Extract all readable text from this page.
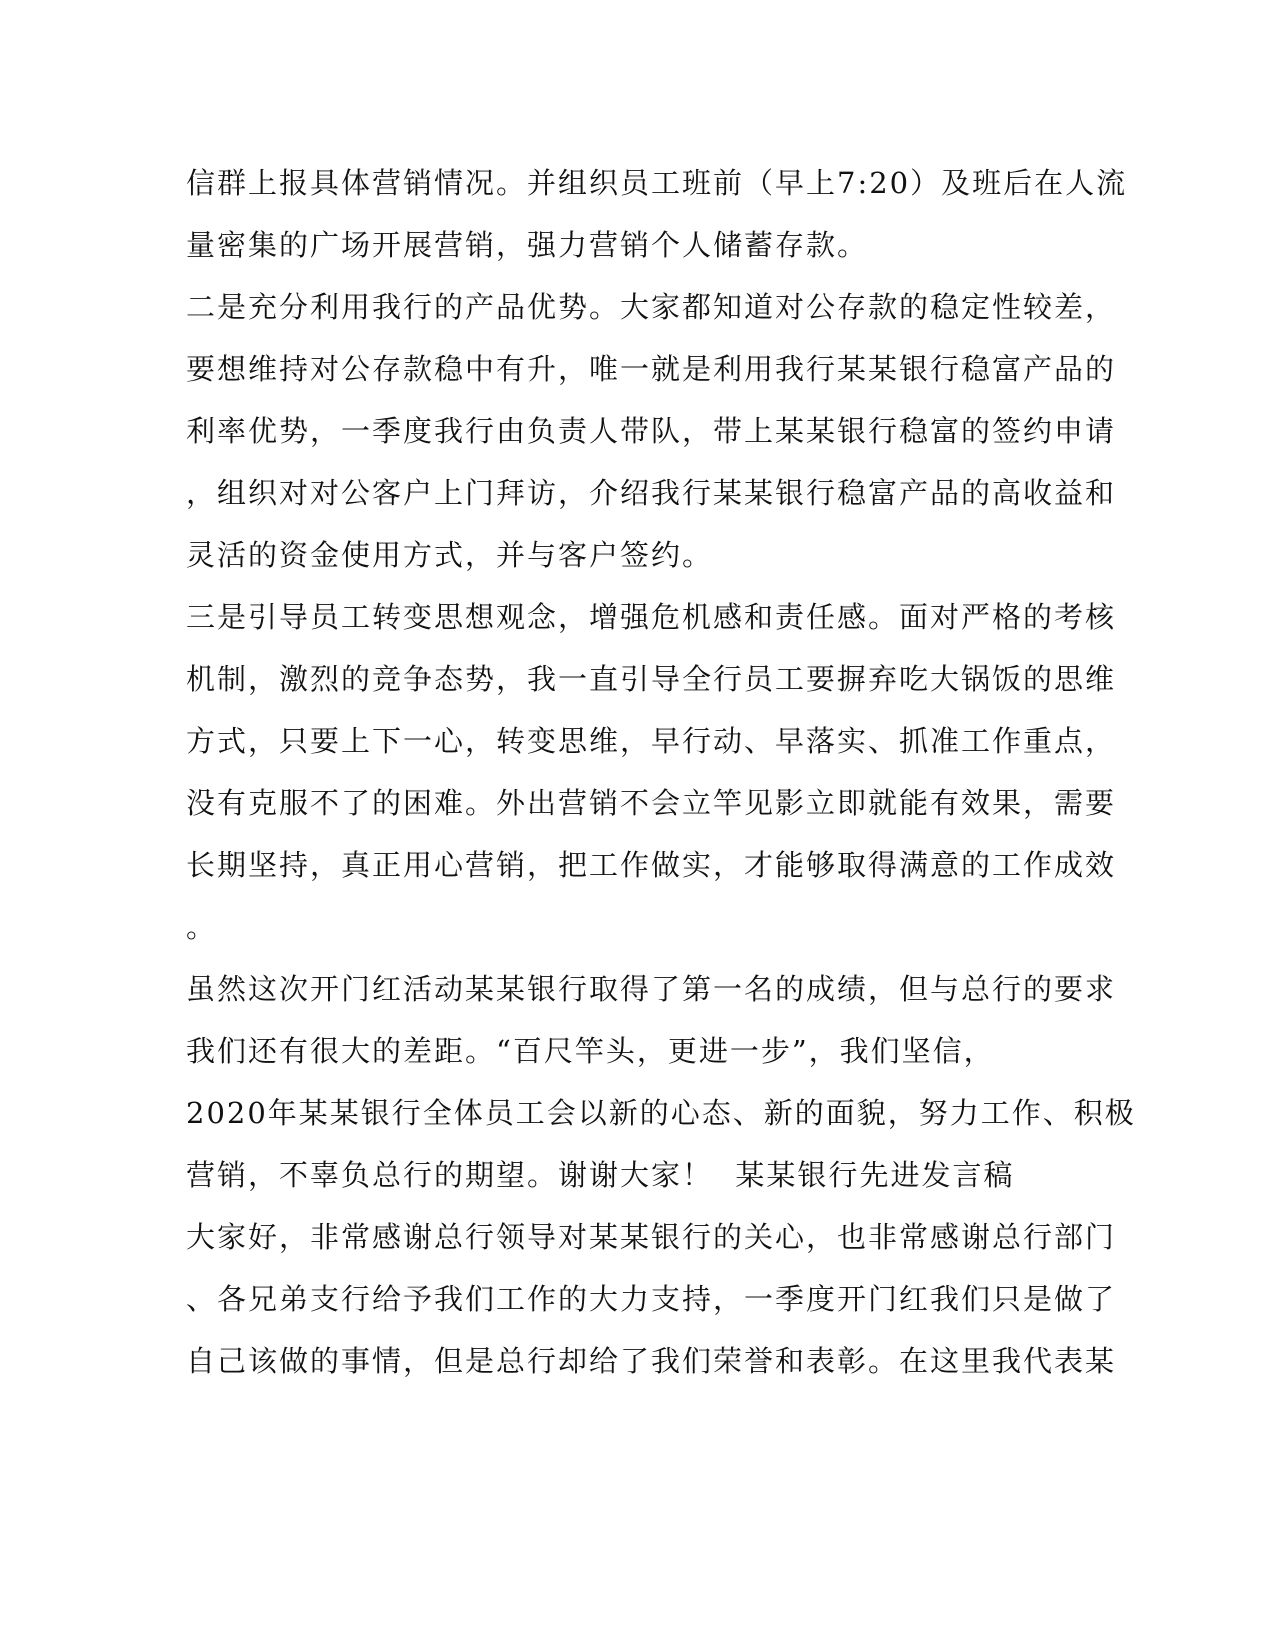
信群上报具体营销情况。并组织员工班前（早上7:20）及班后在人流
量密集的广场开展营销，强力营销个人储蓄存款。
二是充分利用我行的产品优势。大家都知道对公存款的稳定性较差，
要想维持对公存款稳中有升，唯一就是利用我行某某银行稳富产品的
利率优势，一季度我行由负责人带队，带上某某银行稳富的签约申请
，组织对对公客户上门拜访，介绍我行某某银行稳富产品的高收益和
灵活的资金使用方式，并与客户签约。
三是引导员工转变思想观念，增强危机感和责任感。面对严格的考核
机制，激烈的竞争态势，我一直引导全行员工要摒弃吃大锅饭的思维
方式，只要上下一心，转变思维，早行动、早落实、抓准工作重点，
没有克服不了的困难。外出营销不会立竿见影立即就能有效果，需要
长期坚持，真正用心营销，把工作做实，才能够取得满意的工作成效
。
虽然这次开门红活动某某银行取得了第一名的成绩，但与总行的要求
我们还有很大的差距。“百尺竿头，更进一步”，我们坚信，
2020年某某银行全体员工会以新的心态、新的面貌，努力工作、积极
营销，不辜负总行的期望。谢谢大家！  某某银行先进发言稿
大家好，非常感谢总行领导对某某银行的关心，也非常感谢总行部门
、各兄弟支行给予我们工作的大力支持，一季度开门红我们只是做了
自己该做的事情，但是总行却给了我们荣誉和表彰。在这里我代表某
